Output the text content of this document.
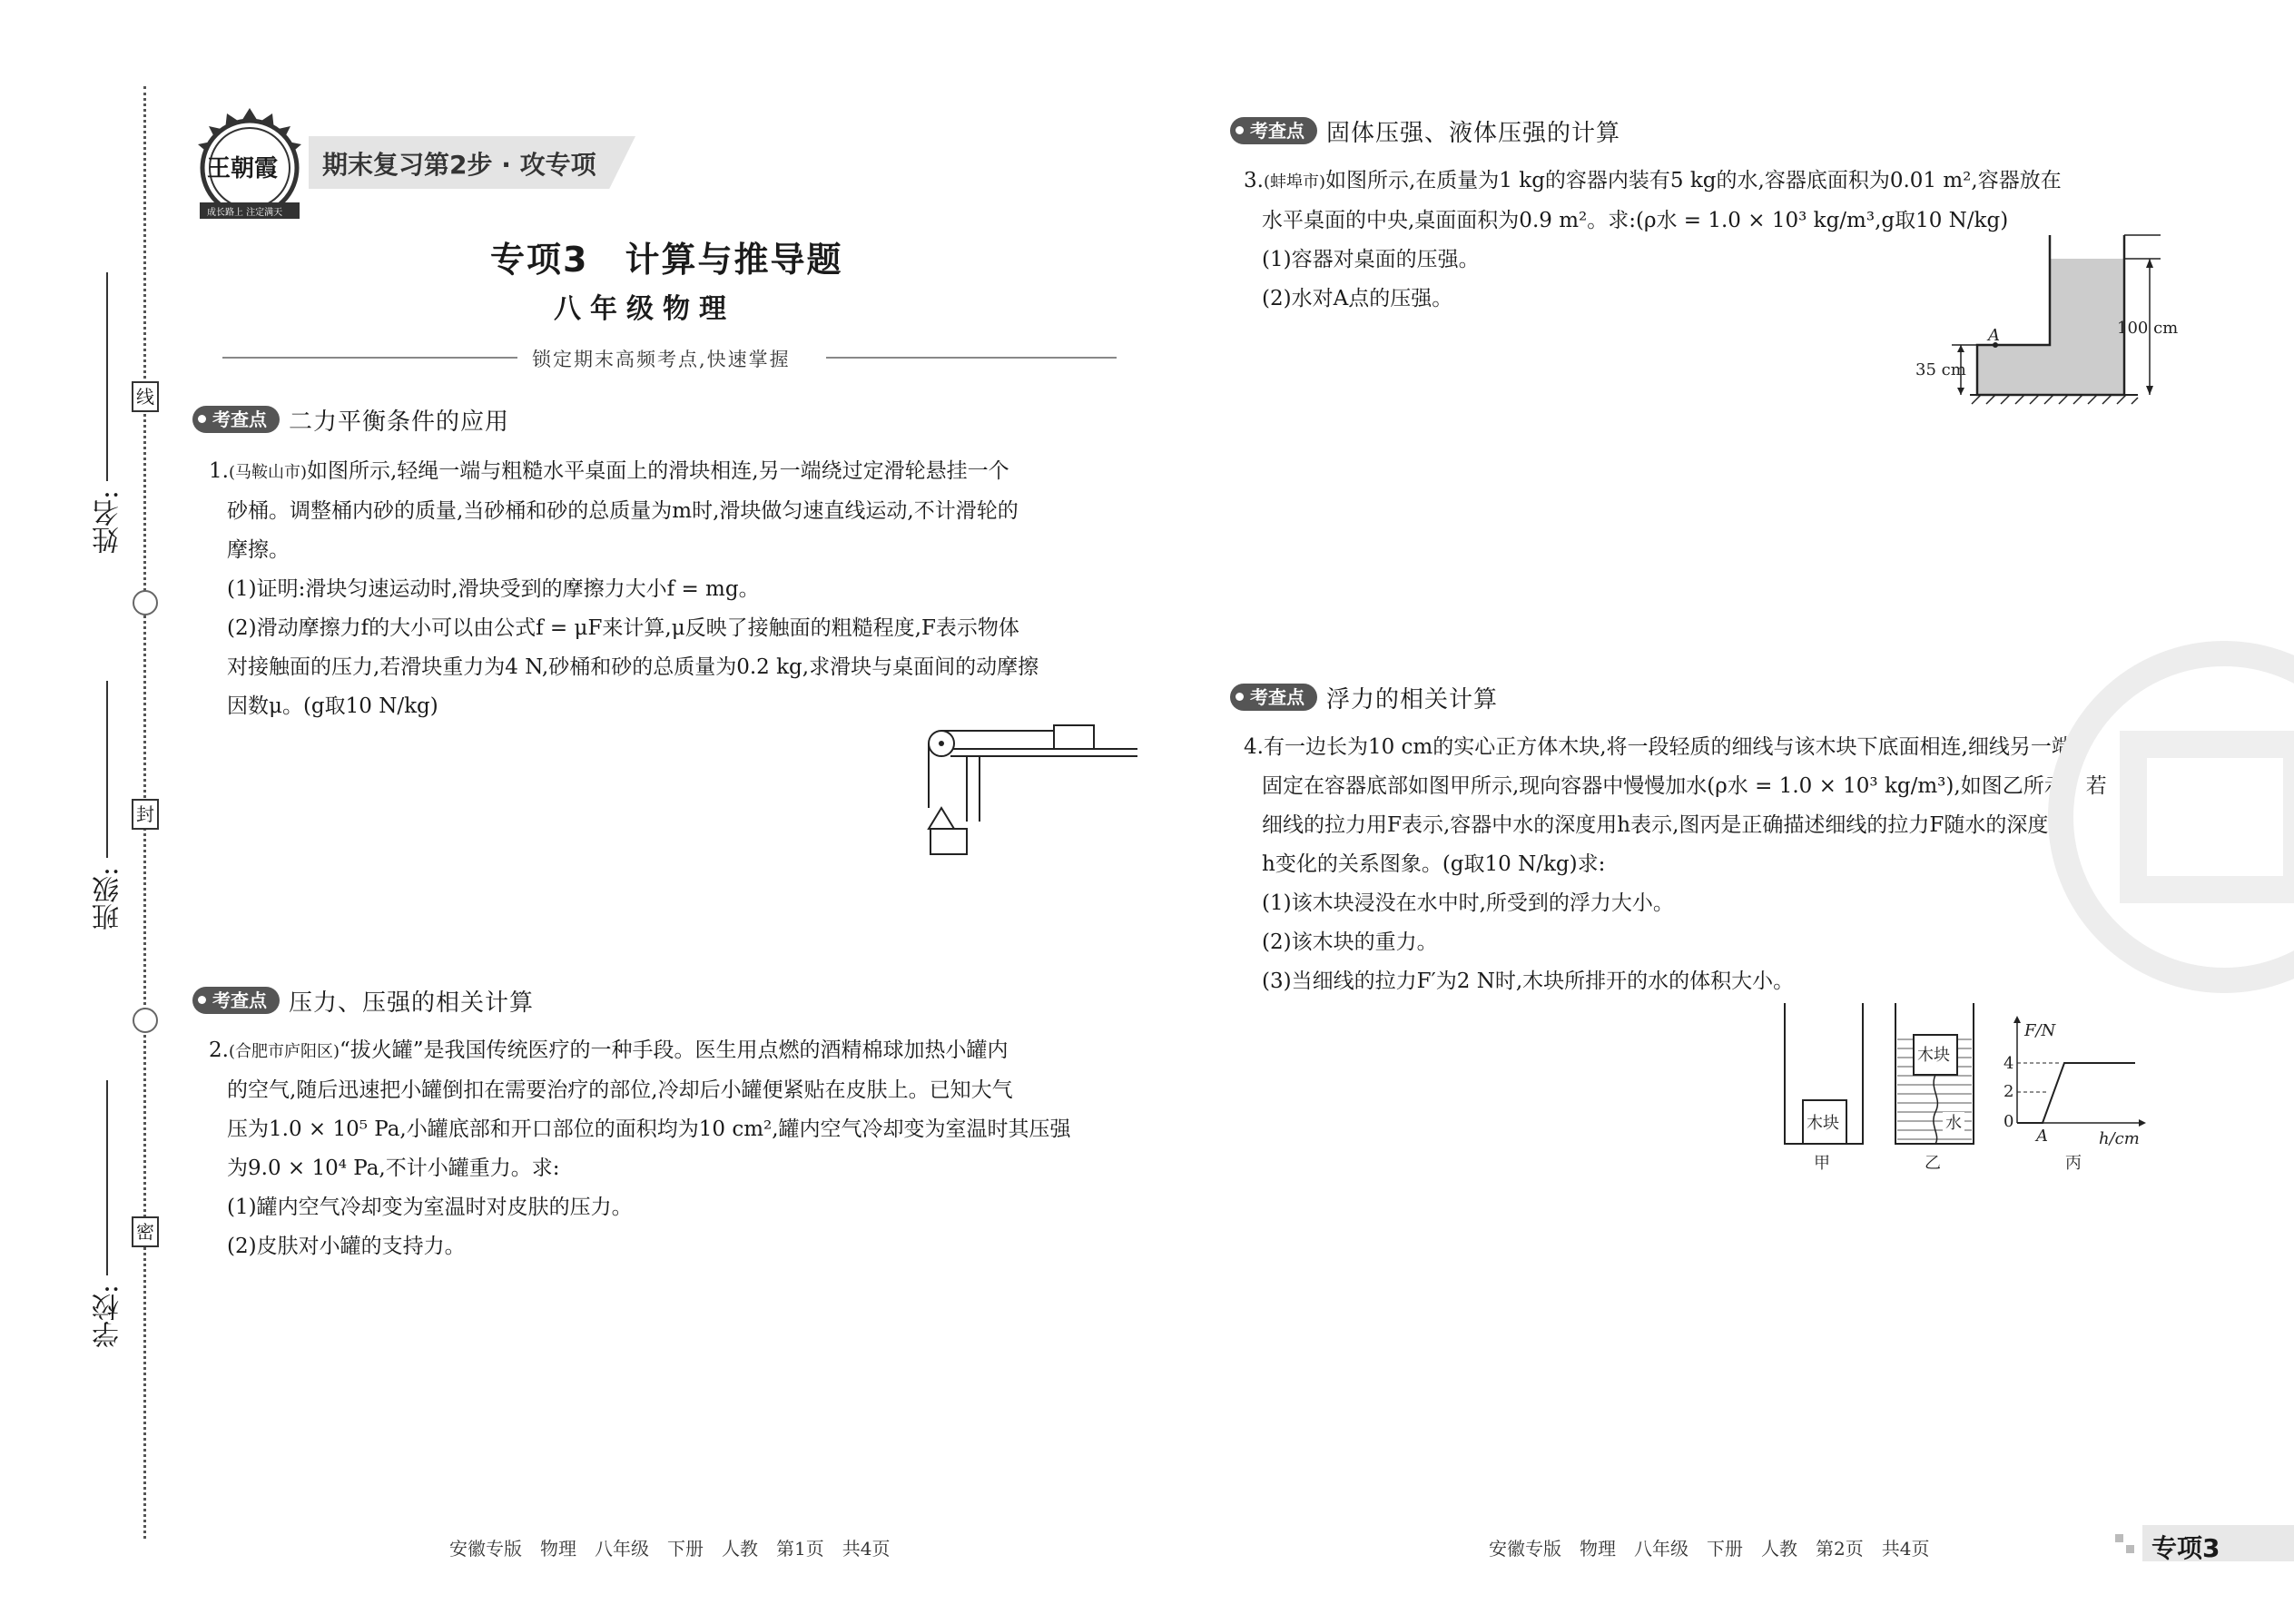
线
封
密
姓名:
班级:
学校:
王朝霞
成长路上 注定满天
期末复习第2步 · 攻专项
专项3　计算与推导题
八年级物理
锁定期末高频考点,快速掌握
考查点 二力平衡条件的应用

1.(马鞍山市)如图所示,轻绳一端与粗糙水平桌面上的滑块相连,另一端绕过定滑轮悬挂一个

砂桶。调整桶内砂的质量,当砂桶和砂的总质量为m时,滑块做匀速直线运动,不计滑轮的

摩擦。

(1)证明:滑块匀速运动时,滑块受到的摩擦力大小f = mg。

(2)滑动摩擦力f的大小可以由公式f = μF来计算,μ反映了接触面的粗糙程度,F表示物体

对接触面的压力,若滑块重力为4 N,砂桶和砂的总质量为0.2 kg,求滑块与桌面间的动摩擦

因数μ。(g取10 N/kg)

考查点 压力、压强的相关计算

2.(合肥市庐阳区)“拔火罐”是我国传统医疗的一种手段。医生用点燃的酒精棉球加热小罐内

的空气,随后迅速把小罐倒扣在需要治疗的部位,冷却后小罐便紧贴在皮肤上。已知大气

压为1.0 × 10⁵ Pa,小罐底部和开口部位的面积均为10 cm²,罐内空气冷却变为室温时其压强

为9.0 × 10⁴ Pa,不计小罐重力。求:

(1)罐内空气冷却变为室温时对皮肤的压力。

(2)皮肤对小罐的支持力。

考查点 固体压强、液体压强的计算

3.(蚌埠市)如图所示,在质量为1 kg的容器内装有5 kg的水,容器底面积为0.01 m²,容器放在

水平桌面的中央,桌面面积为0.9 m²。求:(ρ水 = 1.0 × 10³ kg/m³,g取10 N/kg)

(1)容器对桌面的压强。

(2)水对A点的压强。

A	100 cm
35 cm
考查点 浮力的相关计算

4.有一边长为10 cm的实心正方体木块,将一段轻质的细线与该木块下底面相连,细线另一端

固定在容器底部如图甲所示,现向容器中慢慢加水(ρ水 = 1.0 × 10³ kg/m³),如图乙所示。若

细线的拉力用F表示,容器中水的深度用h表示,图丙是正确描述细线的拉力F随水的深度

h变化的关系图象。(g取10 N/kg)求:

(1)该木块浸没在水中时,所受到的浮力大小。

(2)该木块的重力。

(3)当细线的拉力F′为2 N时,木块所排开的水的体积大小。

木块
甲
木块
水
乙
F/N
h/cm
4
2
0
A
丙
安徽专版　物理　八年级　下册　人教　第1页　共4页	安徽专版　物理　八年级　下册　人教　第2页　共4页	专项3
